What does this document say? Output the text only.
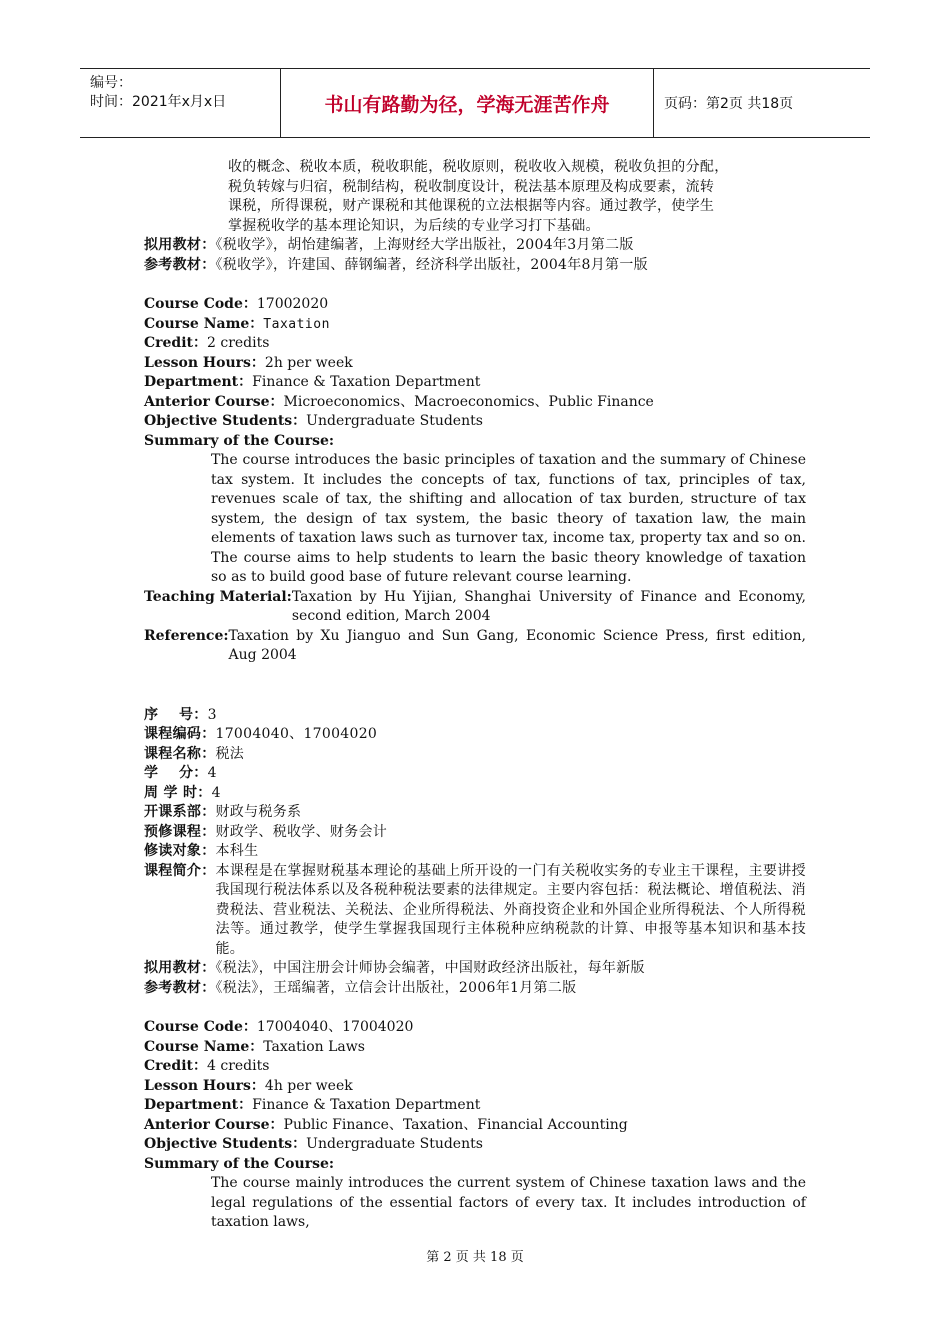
编号：
时间：2021年x月x日	书山有路勤为径，学海无涯苦作舟	页码：第2页 共18页
收的概念、税收本质，税收职能，税收原则，税收收入规模，税收负担的分配，
税负转嫁与归宿，税制结构，税收制度设计，税法基本原理及构成要素，流转
课税，所得课税，财产课税和其他课税的立法根据等内容。通过教学，使学生
掌握税收学的基本理论知识，为后续的专业学习打下基础。
拟用教材：《税收学》，胡怡建编著，上海财经大学出版社，2004年3月第二版
参考教材：《税收学》，许建国、薛钢编著，经济科学出版社，2004年8月第一版
Course Code：17002020
Course Name：Taxation
Credit：2 credits
Lesson Hours：2h per week
Department：Finance & Taxation Department
Anterior Course：Microeconomics、Macroeconomics、Public Finance
Objective Students：Undergraduate Students
Summary of the Course:
The course introduces the basic principles of taxation and the summary of Chinese tax system. It includes the concepts of tax, functions of tax, principles of tax, revenues scale of tax, the shifting and allocation of tax burden, structure of tax system, the design of tax system, the basic theory of taxation law, the main elements of taxation laws such as turnover tax, income tax, property tax and so on. The course aims to help students to learn the basic theory knowledge of taxation so as to build good base of future relevant course learning.
Teaching Material: Taxation by Hu Yijian, Shanghai University of Finance and Economy, second edition, March 2004
Reference: Taxation by Xu Jianguo and Sun Gang, Economic Science Press, first edition, Aug 2004
序    号：3
课程编码：17004040、17004020
课程名称：税法
学    分：4
周 学 时：4
开课系部：财政与税务系
预修课程：财政学、税收学、财务会计
修读对象：本科生
课程简介： 本课程是在掌握财税基本理论的基础上所开设的一门有关税收实务的专业主干课程，主要讲授我国现行税法体系以及各税种税法要素的法律规定。主要内容包括：税法概论、增值税法、消费税法、营业税法、关税法、企业所得税法、外商投资企业和外国企业所得税法、个人所得税法等。通过教学，使学生掌握我国现行主体税种应纳税款的计算、申报等基本知识和基本技能。
拟用教材：《税法》，中国注册会计师协会编著，中国财政经济出版社，每年新版
参考教材：《税法》，王瑶编著，立信会计出版社，2006年1月第二版
Course Code：17004040、17004020
Course Name：Taxation Laws
Credit：4 credits
Lesson Hours：4h per week
Department：Finance & Taxation Department
Anterior Course：Public Finance、Taxation、Financial Accounting
Objective Students：Undergraduate Students
Summary of the Course:
The course mainly introduces the current system of Chinese taxation laws and the legal regulations of the essential factors of every tax. It includes introduction of taxation laws,
第 2 页 共 18 页
